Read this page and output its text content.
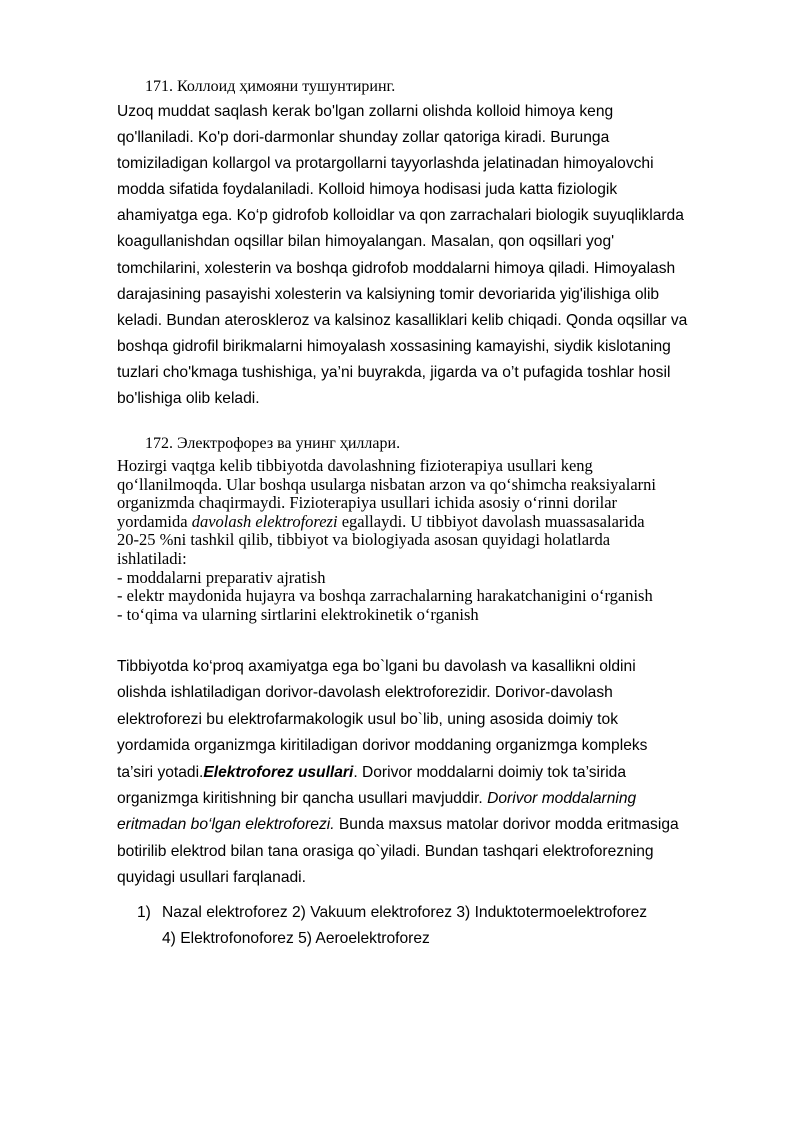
171. Коллоид ҳимояни тушунтиринг.
Uzoq muddat saqlash kerak bo'lgan zollarni olishda kolloid himoya keng
qo'llaniladi. Ko'p dori-darmonlar shunday zollar qatoriga kiradi. Burunga
tomiziladigan kollargol va protargollarni tayyorlashda jelatinadan himoyalovchi
modda sifatida foydalaniladi. Kolloid himoya hodisasi juda katta fiziologik
ahamiyatga ega. Ko‘p gidrofob kolloidlar va qon zarrachalari biologik suyuqliklarda
koagullanishdan oqsillar bilan himoyalangan. Masalan, qon oqsillari yog'
tomchilarini, xolesterin va boshqa gidrofob moddalarni himoya qiladi. Himoyalash
darajasining pasayishi xolesterin va kalsiyning tomir devoriarida yig'ilishiga olib
keladi. Bundan ateroskleroz va kalsinoz kasalliklari kelib chiqadi. Qonda oqsillar va
boshqa gidrofil birikmalarni himoyalash xossasining kamayishi, siydik kislotaning
tuzlari cho'kmaga tushishiga, ya’ni buyrakda, jigarda va o’t pufagida toshlar hosil
bo'lishiga olib keladi.
172. Электрофорез ва унинг ҳиллари.
Hozirgi vaqtga kelib tibbiyotda davolashning fizioterapiya usullari keng
qo‘llanilmoqda. Ular boshqa usularga nisbatan arzon va qo‘shimcha reaksiyalarni
organizmda chaqirmaydi. Fizioterapiya usullari ichida asosiy o‘rinni dorilar
yordamida davolash elektroforezi egallaydi. U tibbiyot davolash muassasalarida
20-25 %ni tashkil qilib, tibbiyot va biologiyada asosan quyidagi holatlarda
ishlatiladi:
- moddalarni preparativ ajratish
- elektr maydonida hujayra va boshqa zarrachalarning harakatchanigini o‘rganish
- to‘qima va ularning sirtlarini elektrokinetik o‘rganish
Tibbiyotda ko‘proq axamiyatga ega bo`lgani bu davolash va kasallikni oldini
olishda ishlatiladigan dorivor-davolash elektroforezidir. Dorivor-davolash
elektroforezi bu elektrofarmakologik usul bo`lib, uning asosida doimiy tok
yordamida organizmga kiritiladigan dorivor moddaning organizmga kompleks
ta’siri yotadi.Elektroforez usullari. Dorivor moddalarni doimiy tok ta’sirida
organizmga kiritishning bir qancha usullari mavjuddir. Dorivor moddalarning
eritmadan bo‘lgan elektroforezi. Bunda maxsus matolar dorivor modda eritmasiga
botirilib elektrod bilan tana orasiga qo`yiladi. Bundan tashqari elektroforezning
quyidagi usullari farqlanadi.
1) Nazal elektroforez 2) Vakuum elektroforez 3) Induktotermoelektroforez
4) Elektrofonoforez 5) Aeroelektroforez
